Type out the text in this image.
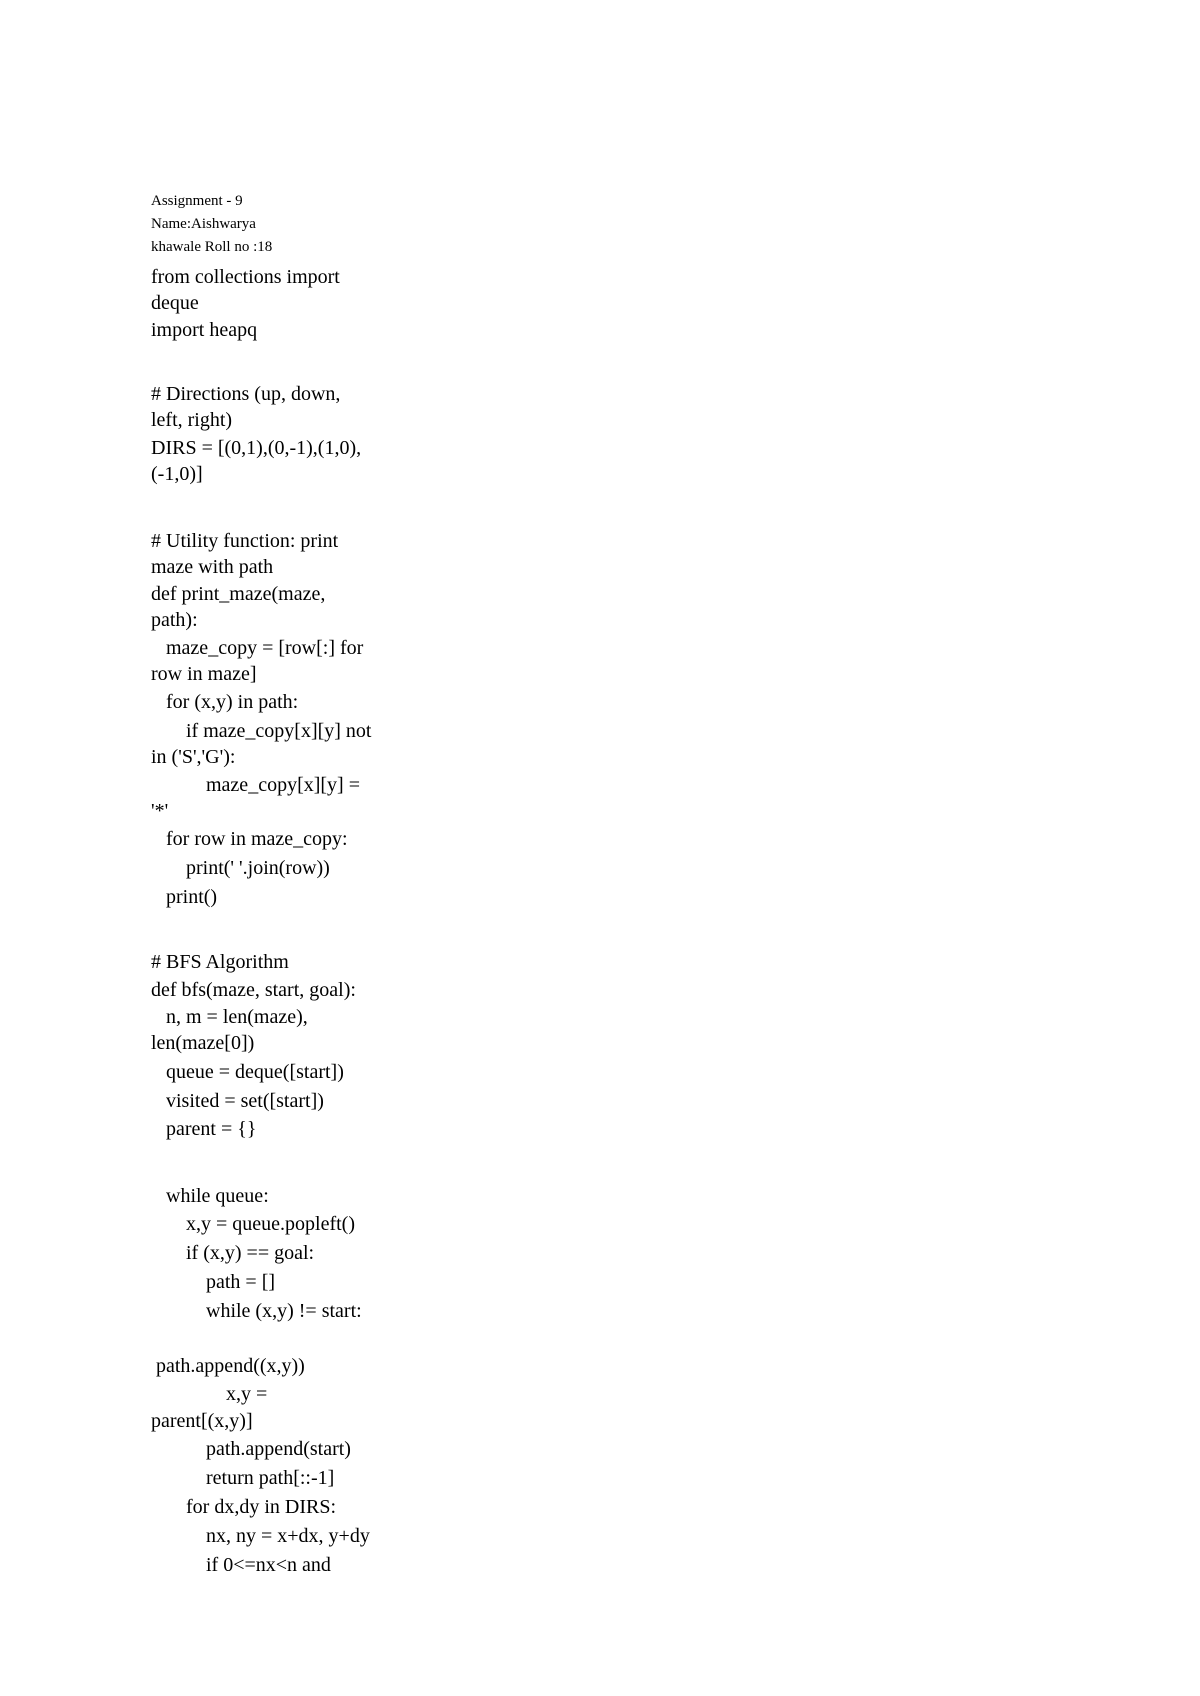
Assignment - 9

Name:Aishwarya

khawale Roll no :18

from collections import

deque

import heapq

# Directions (up, down,

left, right)

DIRS = [(0,1),(0,-1),(1,0),

(-1,0)]

# Utility function: print

maze with path

def print_maze(maze,

path):

maze_copy = [row[:] for

row in maze]

for (x,y) in path:

if maze_copy[x][y] not

in ('S','G'):

maze_copy[x][y] =

'*'

for row in maze_copy:

print(' '.join(row))

print()

# BFS Algorithm

def bfs(maze, start, goal):

n, m = len(maze),

len(maze[0])

queue = deque([start])

visited = set([start])

parent = {}

while queue:

x,y = queue.popleft()

if (x,y) == goal:

path = []

while (x,y) != start:

path.append((x,y))

x,y =

parent[(x,y)]

path.append(start)

return path[::-1]

for dx,dy in DIRS:

nx, ny = x+dx, y+dy

if 0<=nx<n and
